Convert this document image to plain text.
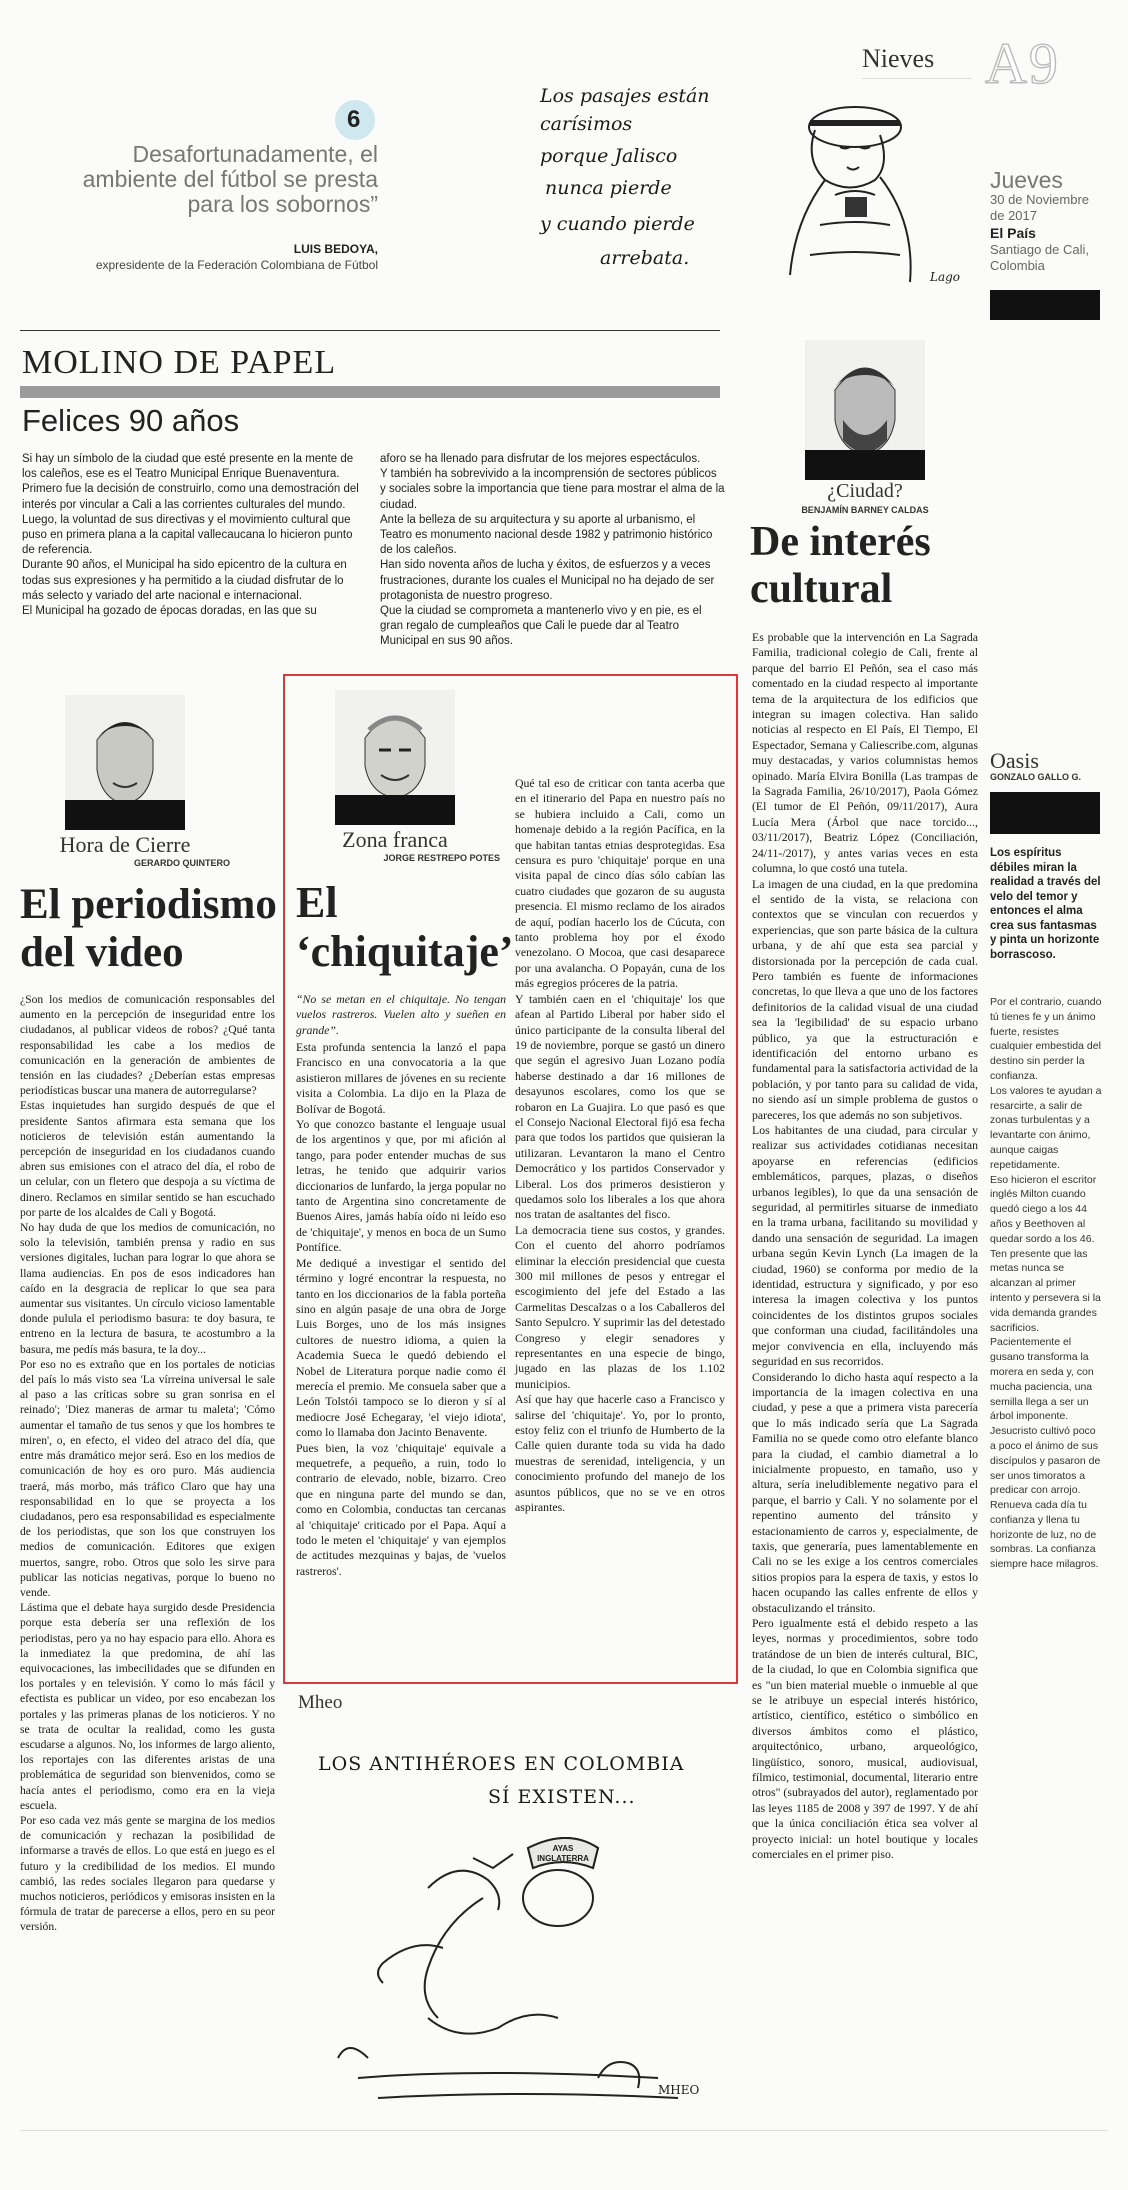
Nieves A9
Jueves
30 de Noviembre de 2017
El País
Santiago de Cali, Colombia
6
Desafortunadamente, el ambiente del fútbol se presta para los sobornos”
LUIS BEDOYA,
expresidente de la Federación Colombiana de Fútbol
Los pasajes están
carísimos
porque Jalisco
nunca pierde
y cuando pierde
arrebata.
Lago
MOLINO DE PAPEL
Felices 90 años
Si hay un símbolo de la ciudad que esté presente en la mente de los caleños, ese es el Teatro Municipal Enrique Buenaventura.
Primero fue la decisión de construirlo, como una demostración del interés por vincular a Cali a las corrientes culturales del mundo.
Luego, la voluntad de sus directivas y el movimiento cultural que puso en primera plana a la capital vallecaucana lo hicieron punto de referencia.
Durante 90 años, el Municipal ha sido epicentro de la cultura en todas sus expresiones y ha permitido a la ciudad disfrutar de lo más selecto y variado del arte nacional e internacional.
El Municipal ha gozado de épocas doradas, en las que su
aforo se ha llenado para disfrutar de los mejores espectáculos.
Y también ha sobrevivido a la incomprensión de sectores públicos y sociales sobre la importancia que tiene para mostrar el alma de la ciudad.
Ante la belleza de su arquitectura y su aporte al urbanismo, el Teatro es monumento nacional desde 1982 y patrimonio histórico de los caleños.
Han sido noventa años de lucha y éxitos, de esfuerzos y a veces frustraciones, durante los cuales el Municipal no ha dejado de ser protagonista de nuestro progreso.
Que la ciudad se comprometa a mantenerlo vivo y en pie, es el gran regalo de cumpleaños que Cali le puede dar al Teatro Municipal en sus 90 años.
¿Ciudad?
BENJAMÍN BARNEY CALDAS
De interés
cultural
Es probable que la intervención en La Sagrada Familia, tradicional colegio de Cali, frente al parque del barrio El Peñón, sea el caso más comentado en la ciudad respecto al importante tema de la arquitectura de los edificios que integran su imagen colectiva. Han salido noticias al respecto en El País, El Tiempo, El Espectador, Semana y Caliescribe.com, algunas muy destacadas, y varios columnistas hemos opinado. María Elvira Bonilla (Las trampas de la Sagrada Familia, 26/10/2017), Paola Gómez (El tumor de El Peñón, 09/11/2017), Aura Lucía Mera (Árbol que nace torcido..., 03/11/2017), Beatriz López (Conciliación, 24/11-/2017), y antes varias veces en esta columna, lo que costó una tutela.
La imagen de una ciudad, en la que predomina el sentido de la vista, se relaciona con contextos que se vinculan con recuerdos y experiencias, que son parte básica de la cultura urbana, y de ahí que esta sea parcial y distorsionada por la percepción de cada cual. Pero también es fuente de informaciones concretas, lo que lleva a que uno de los factores definitorios de la calidad visual de una ciudad sea la 'legibilidad' de su espacio urbano público, ya que la estructuración e identificación del entorno urbano es fundamental para la satisfactoria actividad de la población, y por tanto para su calidad de vida, no siendo así un simple problema de gustos o pareceres, los que además no son subjetivos.
Los habitantes de una ciudad, para circular y realizar sus actividades cotidianas necesitan apoyarse en referencias (edificios emblemáticos, parques, plazas, o diseños urbanos legibles), lo que da una sensación de seguridad, al permitirles situarse de inmediato en la trama urbana, facilitando su movilidad y dando una sensación de seguridad. La imagen urbana según Kevin Lynch (La imagen de la ciudad, 1960) se conforma por medio de la identidad, estructura y significado, y por eso interesa la imagen colectiva y los puntos coincidentes de los distintos grupos sociales que conforman una ciudad, facilitándoles una mejor convivencia en ella, incluyendo más seguridad en sus recorridos.
Considerando lo dicho hasta aquí respecto a la importancia de la imagen colectiva en una ciudad, y pese a que a primera vista parecería que lo más indicado sería que La Sagrada Familia no se quede como otro elefante blanco para la ciudad, el cambio diametral a lo inicialmente propuesto, en tamaño, uso y altura, sería ineludiblemente negativo para el parque, el barrio y Cali. Y no solamente por el repentino aumento del tránsito y estacionamiento de carros y, especialmente, de taxis, que generaría, pues lamentablemente en Cali no se les exige a los centros comerciales sitios propios para la espera de taxis, y estos lo hacen ocupando las calles enfrente de ellos y obstaculizando el tránsito.
Pero igualmente está el debido respeto a las leyes, normas y procedimientos, sobre todo tratándose de un bien de interés cultural, BIC, de la ciudad, lo que en Colombia significa que es "un bien material mueble o inmueble al que se le atribuye un especial interés histórico, artístico, científico, estético o simbólico en diversos ámbitos como el plástico, arquitectónico, urbano, arqueológico, lingüístico, sonoro, musical, audiovisual, fílmico, testimonial, documental, literario entre otros" (subrayados del autor), reglamentado por las leyes 1185 de 2008 y 397 de 1997. Y de ahí que la única conciliación ética sea volver al proyecto inicial: un hotel boutique y locales comerciales en el primer piso.
Oasis
GONZALO GALLO G.
Los espíritus débiles miran la realidad a través del velo del temor y entonces el alma crea sus fantasmas y pinta un horizonte borrascoso.
Por el contrario, cuando tú tienes fe y un ánimo fuerte, resistes cualquier embestida del destino sin perder la confianza.
Los valores te ayudan a resarcirte, a salir de zonas turbulentas y a levantarte con ánimo, aunque caigas repetidamente.
Eso hicieron el escritor inglés Milton cuando quedó ciego a los 44 años y Beethoven al quedar sordo a los 46.
Ten presente que las metas nunca se alcanzan al primer intento y persevera si la vida demanda grandes sacrificios.
Pacientemente el gusano transforma la morera en seda y, con mucha paciencia, una semilla llega a ser un árbol imponente.
Jesucristo cultivó poco a poco el ánimo de sus discípulos y pasaron de ser unos timoratos a predicar con arrojo.
Renueva cada día tu confianza y llena tu horizonte de luz, no de sombras. La confianza siempre hace milagros.
Hora de Cierre
GERARDO QUINTERO
El periodismo
del video
¿Son los medios de comunicación responsables del aumento en la percepción de inseguridad entre los ciudadanos, al publicar videos de robos? ¿Qué tanta responsabilidad les cabe a los medios de comunicación en la generación de ambientes de tensión en las ciudades? ¿Deberían estas empresas periodísticas buscar una manera de autorregularse?
Estas inquietudes han surgido después de que el presidente Santos afirmara esta semana que los noticieros de televisión están aumentando la percepción de inseguridad en los ciudadanos cuando abren sus emisiones con el atraco del día, el robo de un celular, con un fletero que despoja a su víctima de dinero. Reclamos en similar sentido se han escuchado por parte de los alcaldes de Cali y Bogotá.
No hay duda de que los medios de comunicación, no solo la televisión, también prensa y radio en sus versiones digitales, luchan para lograr lo que ahora se llama audiencias. En pos de esos indicadores han caído en la desgracia de replicar lo que sea para aumentar sus visitantes. Un círculo vicioso lamentable donde pulula el periodismo basura: te doy basura, te entreno en la lectura de basura, te acostumbro a la basura, me pedís más basura, te la doy...
Por eso no es extraño que en los portales de noticias del país lo más visto sea 'La vírreina universal le sale al paso a las críticas sobre su gran sonrisa en el reinado'; 'Diez maneras de armar tu maleta'; 'Cómo aumentar el tamaño de tus senos y que los hombres te miren', o, en efecto, el video del atraco del día, que entre más dramático mejor será. Eso en los medios de comunicación de hoy es oro puro. Más audiencia traerá, más morbo, más tráfico Claro que hay una responsabilidad en lo que se proyecta a los ciudadanos, pero esa responsabilidad es especialmente de los periodistas, que son los que construyen los medios de comunicación. Editores que exigen muertos, sangre, robo. Otros que solo les sirve para publicar las noticias negativas, porque lo bueno no vende.
Lástima que el debate haya surgido desde Presidencia porque esta debería ser una reflexión de los periodistas, pero ya no hay espacio para ello. Ahora es la inmediatez la que predomina, de ahí las equivocaciones, las imbecilidades que se difunden en los portales y en televisión. Y como lo más fácil y efectista es publicar un video, por eso encabezan los portales y las primeras planas de los noticieros. Y no se trata de ocultar la realidad, como les gusta escudarse a algunos. No, los informes de largo aliento, los reportajes con las diferentes aristas de una problemática de seguridad son bienvenidos, como se hacía antes el periodismo, como era en la vieja escuela.
Por eso cada vez más gente se margina de los medios de comunicación y rechazan la posibilidad de informarse a través de ellos. Lo que está en juego es el futuro y la credibilidad de los medios. El mundo cambió, las redes sociales llegaron para quedarse y muchos noticieros, periódicos y emisoras insisten en la fórmula de tratar de parecerse a ellos, pero en su peor versión.
Zona franca
JORGE RESTREPO POTES
El
‘chiquitaje’
“No se metan en el chiquitaje. No tengan vuelos rastreros. Vuelen alto y sueñen en grande”.
Esta profunda sentencia la lanzó el papa Francisco en una convocatoria a la que asistieron millares de jóvenes en su reciente visita a Colombia. La dijo en la Plaza de Bolívar de Bogotá.
Yo que conozco bastante el lenguaje usual de los argentinos y que, por mi afición al tango, para poder entender muchas de sus letras, he tenido que adquirir varios diccionarios de lunfardo, la jerga popular no tanto de Argentina sino concretamente de Buenos Aires, jamás había oído ni leído eso de 'chiquitaje', y menos en boca de un Sumo Pontífice.
Me dediqué a investigar el sentido del término y logré encontrar la respuesta, no tanto en los diccionarios de la fabla porteña sino en algún pasaje de una obra de Jorge Luis Borges, uno de los más insignes cultores de nuestro idioma, a quien la Academia Sueca le quedó debiendo el Nobel de Literatura porque nadie como él merecía el premio. Me consuela saber que a León Tolstói tampoco se lo dieron y sí al mediocre José Echegaray, 'el viejo idiota', como lo llamaba don Jacinto Benavente.
Pues bien, la voz 'chiquitaje' equivale a mequetrefe, a pequeño, a ruin, todo lo contrario de elevado, noble, bizarro. Creo que en ninguna parte del mundo se dan, como en Colombia, conductas tan cercanas al 'chiquitaje' criticado por el Papa. Aquí a todo le meten el 'chiquitaje' y van ejemplos de actitudes mezquinas y bajas, de 'vuelos rastreros'.
Qué tal eso de criticar con tanta acerba que en el itinerario del Papa en nuestro país no se hubiera incluido a Cali, como un homenaje debido a la región Pacífica, en la que habitan tantas etnias desprotegidas. Esa censura es puro 'chiquitaje' porque en una visita papal de cinco días sólo cabían las cuatro ciudades que gozaron de su augusta presencia. El mismo reclamo de los airados de aquí, podían hacerlo los de Cúcuta, con tanto problema hoy por el éxodo venezolano. O Mocoa, que casi desaparece por una avalancha. O Popayán, cuna de los más egregios próceres de la patria.
Y también caen en el 'chiquitaje' los que afean al Partido Liberal por haber sido el único participante de la consulta liberal del 19 de noviembre, porque se gastó un dinero que según el agresivo Juan Lozano podía haberse destinado a dar 16 millones de desayunos escolares, como los que se robaron en La Guajira. Lo que pasó es que el Consejo Nacional Electoral fijó esa fecha para que todos los partidos que quisieran la utilizaran. Levantaron la mano el Centro Democrático y los partidos Conservador y Liberal. Los dos primeros desistieron y quedamos solo los liberales a los que ahora nos tratan de asaltantes del fisco.
La democracia tiene sus costos, y grandes. Con el cuento del ahorro podríamos eliminar la elección presidencial que cuesta 300 mil millones de pesos y entregar el escogimiento del jefe del Estado a las Carmelitas Descalzas o a los Caballeros del Santo Sepulcro. Y suprimir las del detestado Congreso y elegir senadores y representantes en una especie de bingo, jugado en las plazas de los 1.102 municipios.
Así que hay que hacerle caso a Francisco y salirse del 'chiquitaje'. Yo, por lo pronto, estoy feliz con el triunfo de Humberto de la Calle quien durante toda su vida ha dado muestras de serenidad, inteligencia, y un conocimiento profundo del manejo de los asuntos públicos, que no se ve en otros aspirantes.
Mheo
LOS ANTIHÉROES EN COLOMBIA
SÍ EXISTEN...
AYAS INGLATERRA
MHEO
